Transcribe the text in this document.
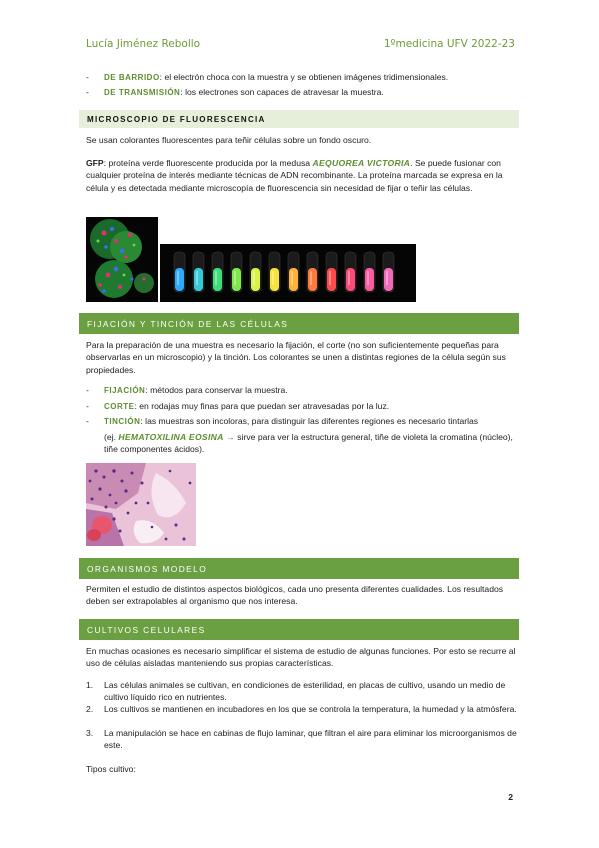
Lucía Jiménez Rebollo	1ºmedicina UFV 2022-23
- DE BARRIDO: el electrón choca con la muestra y se obtienen imágenes tridimensionales.
- DE TRANSMISIÓN: los electrones son capaces de atravesar la muestra.
MICROSCOPIO DE FLUORESCENCIA
Se usan colorantes fluorescentes para teñir células sobre un fondo oscuro.
GFP: proteína verde fluorescente producida por la medusa AEQUOREA VICTORIA. Se puede fusionar con cualquier proteína de interés mediante técnicas de ADN recombinante. La proteína marcada se expresa en la célula y es detectada mediante microscopía de fluorescencia sin necesidad de fijar o teñir las células.
FIJACIÓN Y TINCIÓN DE LAS CÉLULAS
Para la preparación de una muestra es necesario la fijación, el corte (no son suficientemente pequeñas para observarlas en un microscopio) y la tinción. Los colorantes se unen a distintas regiones de la célula según sus propiedades.
- FIJACIÓN: métodos para conservar la muestra.
- CORTE: en rodajas muy finas para que puedan ser atravesadas por la luz.
- TINCIÓN: las muestras son incoloras, para distinguir las diferentes regiones es necesario tintarlas
(ej. HEMATOXILINA EOSINA → sirve para ver la estructura general, tiñe de violeta la cromatina (núcleo), tiñe componentes ácidos).
ORGANISMOS MODELO
Permiten el estudio de distintos aspectos biológicos, cada uno presenta diferentes cualidades. Los resultados deben ser extrapolables al organismo que nos interesa.
CULTIVOS CELULARES
En muchas ocasiones es necesario simplificar el sistema de estudio de algunas funciones. Por esto se recurre al uso de células aisladas manteniendo sus propias características.
1. Las células animales se cultivan, en condiciones de esterilidad, en placas de cultivo, usando un medio de cultivo líquido rico en nutrientes.
2. Los cultivos se mantienen en incubadores en los que se controla la temperatura, la humedad y la atmósfera.
3. La manipulación se hace en cabinas de flujo laminar, que filtran el aire para eliminar los microorganismos de este.
Tipos cultivo:
2
